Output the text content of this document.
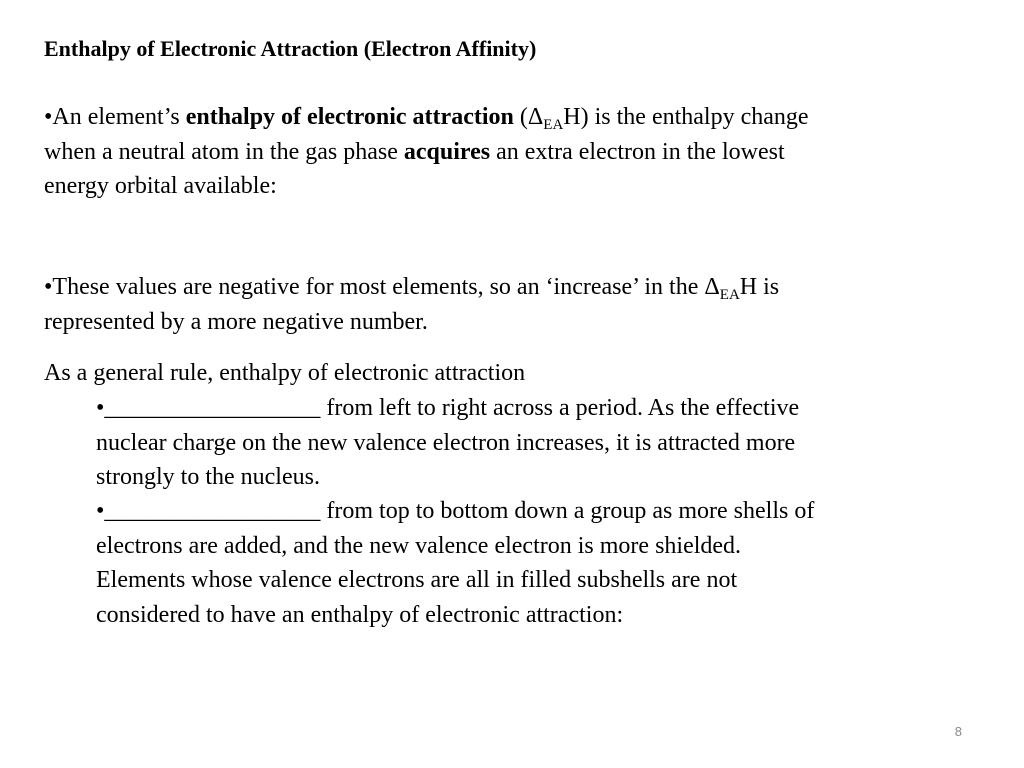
Enthalpy of Electronic Attraction (Electron Affinity)
•An element’s enthalpy of electronic attraction $(\Delta_{EA}H)$ is the enthalpy change
when a neutral atom in the gas phase acquires an extra electron in the lowest
energy orbital available:
•These values are negative for most elements, so an ‘increase’ in the $\Delta_{EA}H$ is
represented by a more negative number.
As a general rule, enthalpy of electronic attraction
•__________________ from left to right across a period. As the effective
nuclear charge on the new valence electron increases, it is attracted more
strongly to the nucleus.
•__________________ from top to bottom down a group as more shells of
electrons are added, and the new valence electron is more shielded.
Elements whose valence electrons are all in filled subshells are not
considered to have an enthalpy of electronic attraction:
8
